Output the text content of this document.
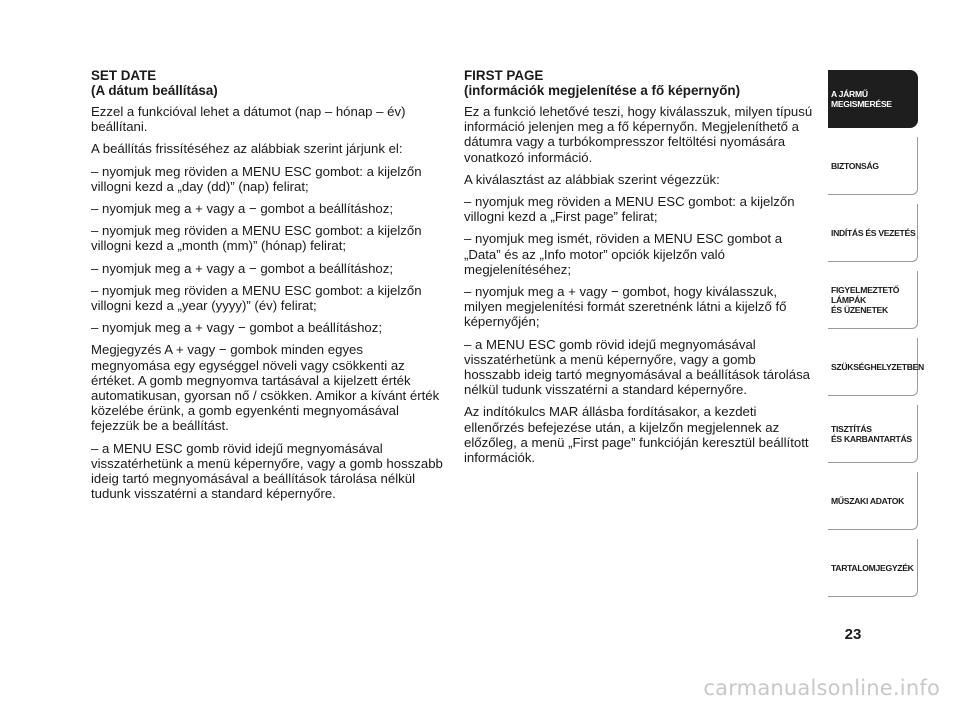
SET DATE
(A dátum beállítása)

Ezzel a funkcióval lehet a dátumot (nap – hónap – év) beállítani.

A beállítás frissítéséhez az alábbiak szerint járjunk el:

– nyomjuk meg röviden a MENU ESC gombot: a kijelzőn villogni kezd a „day (dd)” (nap) felirat;

– nyomjuk meg a + vagy a − gombot a beállításhoz;

– nyomjuk meg röviden a MENU ESC gombot: a kijelzőn villogni kezd a „month (mm)” (hónap) felirat;

– nyomjuk meg a + vagy a − gombot a beállításhoz;

– nyomjuk meg röviden a MENU ESC gombot: a kijelzőn villogni kezd a „year (yyyy)” (év) felirat;

– nyomjuk meg a + vagy − gombot a beállításhoz;

Megjegyzés A + vagy − gombok minden egyes megnyomása egy egységgel növeli vagy csökkenti az értéket. A gomb megnyomva tartásával a kijelzett érték automatikusan, gyorsan nő / csökken. Amikor a kívánt érték közelébe érünk, a gomb egyenkénti megnyomásával fejezzük be a beállítást.

– a MENU ESC gomb rövid idejű megnyomásával visszatérhetünk a menü képernyőre, vagy a gomb hosszabb ideig tartó megnyomásával a beállítások tárolása nélkül tudunk visszatérni a standard képernyőre.

FIRST PAGE
(információk megjelenítése a fő képernyőn)

Ez a funkció lehetővé teszi, hogy kiválasszuk, milyen típusú információ jelenjen meg a fő képernyőn. Megjeleníthető a dátumra vagy a turbókompresszor feltöltési nyomására vonatkozó információ.

A kiválasztást az alábbiak szerint végezzük:

– nyomjuk meg röviden a MENU ESC gombot: a kijelzőn villogni kezd a „First page” felirat;

– nyomjuk meg ismét, röviden a MENU ESC gombot a „Data” és az „Info motor” opciók kijelzőn való megjelenítéséhez;

– nyomjuk meg a + vagy − gombot, hogy kiválasszuk, milyen megjelenítési formát szeretnénk látni a kijelző fő képernyőjén;

– a MENU ESC gomb rövid idejű megnyomásával visszatérhetünk a menü képernyőre, vagy a gomb hosszabb ideig tartó megnyomásával a beállítások tárolása nélkül tudunk visszatérni a standard képernyőre.

Az indítókulcs MAR állásba fordításakor, a kezdeti ellenőrzés befejezése után, a kijelzőn megjelennek az előzőleg, a menü „First page” funkcióján keresztül beállított információk.

A JÁRMŰ
MEGISMERÉSE
BIZTONSÁG
INDÍTÁS ÉS VEZETÉS
FIGYELMEZTETŐ
LÁMPÁK
ÉS ÜZENETEK
SZÜKSÉGHELYZETBEN
TISZTÍTÁS
ÉS KARBANTARTÁS
MŰSZAKI ADATOK
TARTALOMJEGYZÉK
23
carmanualsonline.info
